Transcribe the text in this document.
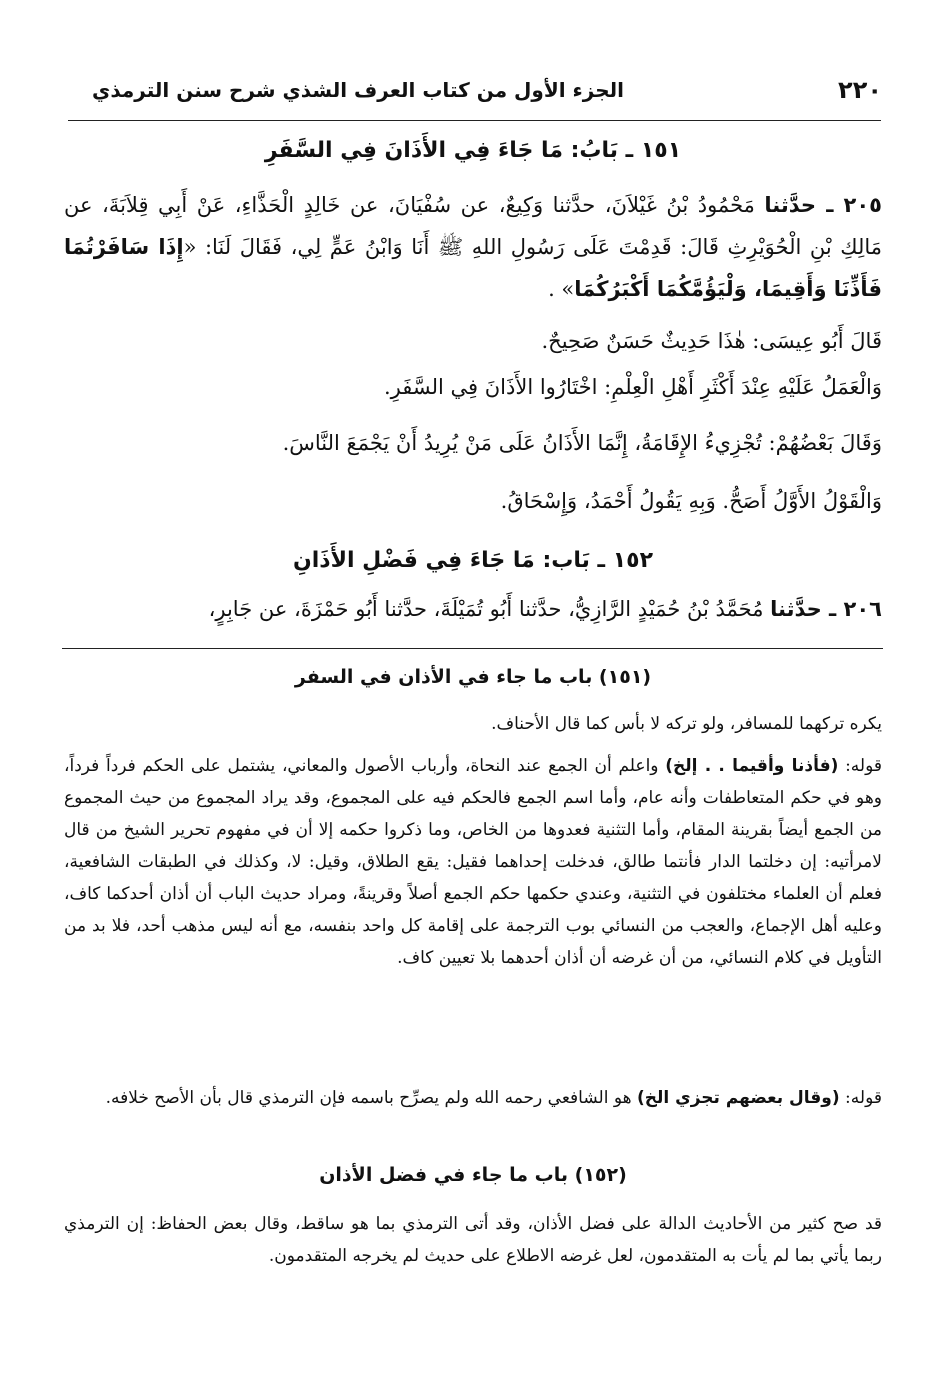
٢٢٠
الجزء الأول من كتاب العرف الشذي شرح سنن الترمذي
١٥١ ـ بَابُ: مَا جَاءَ فِي الأَذَانَ فِي السَّفَرِ
٢٠٥ ـ حدَّثنا مَحْمُودُ بْنُ غَيْلاَنَ، حدَّثنا وَكِيعٌ، عن سُفْيَانَ، عن خَالِدٍ الْحَذَّاءِ، عَنْ أَبِي قِلاَبَةَ، عن مَالِكِ بْنِ الْحُوَيْرِثِ قَالَ: قَدِمْتَ عَلَى رَسُولِ اللهِ ﷺ أَنَا وَابْنُ عَمٍّ لِي، فَقَالَ لَنَا: «إِذَا سَافَرْتُمَا فَأَذِّنَا وَأَقِيمَا، وَلْيَؤُمَّكُمَا أَكْبَرُكُمَا» .
قَالَ أَبُو عِيسَى: هٰذَا حَدِيثٌ حَسَنٌ صَحِيحٌ.
وَالْعَمَلُ عَلَيْهِ عِنْدَ أَكْثَرِ أَهْلِ الْعِلْمِ: اخْتَارُوا الأَذَانَ فِي السَّفَرِ.
وَقَالَ بَعْضُهُمْ: تُجْزِيءُ الإِقَامَةُ، إِنَّمَا الأَذَانُ عَلَى مَنْ يُرِيدُ أَنْ يَجْمَعَ النَّاسَ.
وَالْقَوْلُ الأَوَّلُ أَصَحُّ. وَبِهِ يَقُولُ أَحْمَدُ، وَإِسْحَاقُ.
١٥٢ ـ بَاب: مَا جَاءَ فِي فَضْلِ الأَذَانِ
٢٠٦ ـ حدَّثنا مُحَمَّدُ بْنُ حُمَيْدٍ الرَّازِيُّ، حدَّثنا أَبُو تُمَيْلَةَ، حدَّثنا أَبُو حَمْزَةَ، عن جَابِرٍ،
(١٥١) باب ما جاء في الأذان في السفر
يكره تركهما للمسافر، ولو تركه لا بأس كما قال الأحناف.
قوله: (فأذنا وأقيما . . إلخ) واعلم أن الجمع عند النحاة، وأرباب الأصول والمعاني، يشتمل على الحكم فرداً فرداً، وهو في حكم المتعاطفات وأنه عام، وأما اسم الجمع فالحكم فيه على المجموع، وقد يراد المجموع من حيث المجموع من الجمع أيضاً بقرينة المقام، وأما التثنية فعدوها من الخاص، وما ذكروا حكمه إلا أن في مفهوم تحرير الشيخ من قال لامرأتيه: إن دخلتما الدار فأنتما طالق، فدخلت إحداهما فقيل: يقع الطلاق، وقيل: لا، وكذلك في الطبقات الشافعية، فعلم أن العلماء مختلفون في التثنية، وعندي حكمها حكم الجمع أصلاً وقرينةً، ومراد حديث الباب أن أذان أحدكما كاف، وعليه أهل الإجماع، والعجب من النسائي بوب الترجمة على إقامة كل واحد بنفسه، مع أنه ليس مذهب أحد، فلا بد من التأويل في كلام النسائي، من أن غرضه أن أذان أحدهما بلا تعيين كاف.
قوله: (وقال بعضهم تجزي الخ) هو الشافعي رحمه الله ولم يصرِّح باسمه فإن الترمذي قال بأن الأصح خلافه.
(١٥٢) باب ما جاء في فضل الأذان
قد صح كثير من الأحاديث الدالة على فضل الأذان، وقد أتى الترمذي بما هو ساقط، وقال بعض الحفاظ: إن الترمذي ربما يأتي بما لم يأت به المتقدمون، لعل غرضه الاطلاع على حديث لم يخرجه المتقدمون.
